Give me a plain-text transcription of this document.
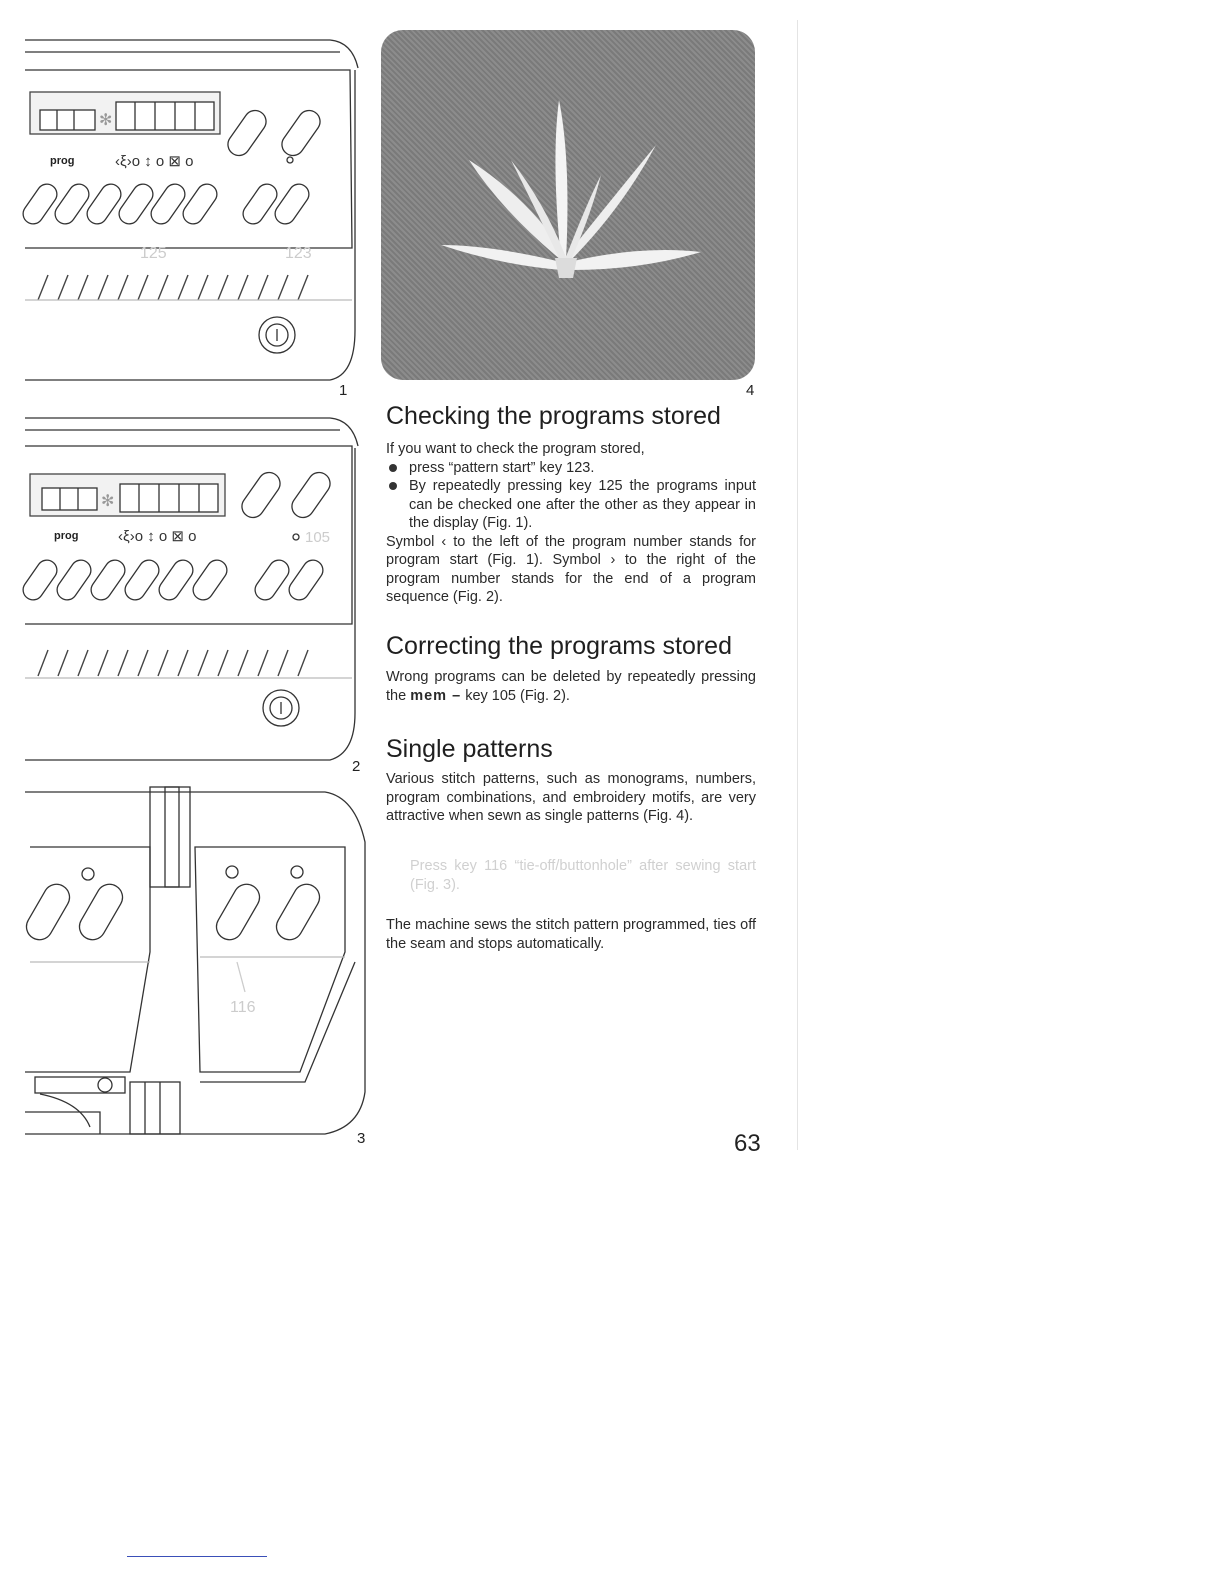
✻
prog	‹ξ›o ↕ o ⊠ o
125	123
1
✻
prog	‹ξ›o ↕ o ⊠ o	105
2
116
3
4
Checking the programs stored
If you want to check the program stored,
press “pattern start” key 123.
By repeatedly pressing key 125 the programs input can be checked one after the other as they appear in the display (Fig. 1).
Symbol ‹ to the left of the program number stands for program start (Fig. 1). Symbol › to the right of the program number stands for the end of a program sequence (Fig. 2).
Correcting the programs stored
Wrong programs can be deleted by repeatedly pressing the mem – key 105 (Fig. 2).
Single patterns
Various stitch patterns, such as monograms, numbers, program combinations, and embroidery motifs, are very attractive when sewn as single patterns (Fig. 4).
Press key 116 “tie-off/buttonhole” after sewing start (Fig. 3).
The machine sews the stitch pattern programmed, ties off the seam and stops automatically.
63
